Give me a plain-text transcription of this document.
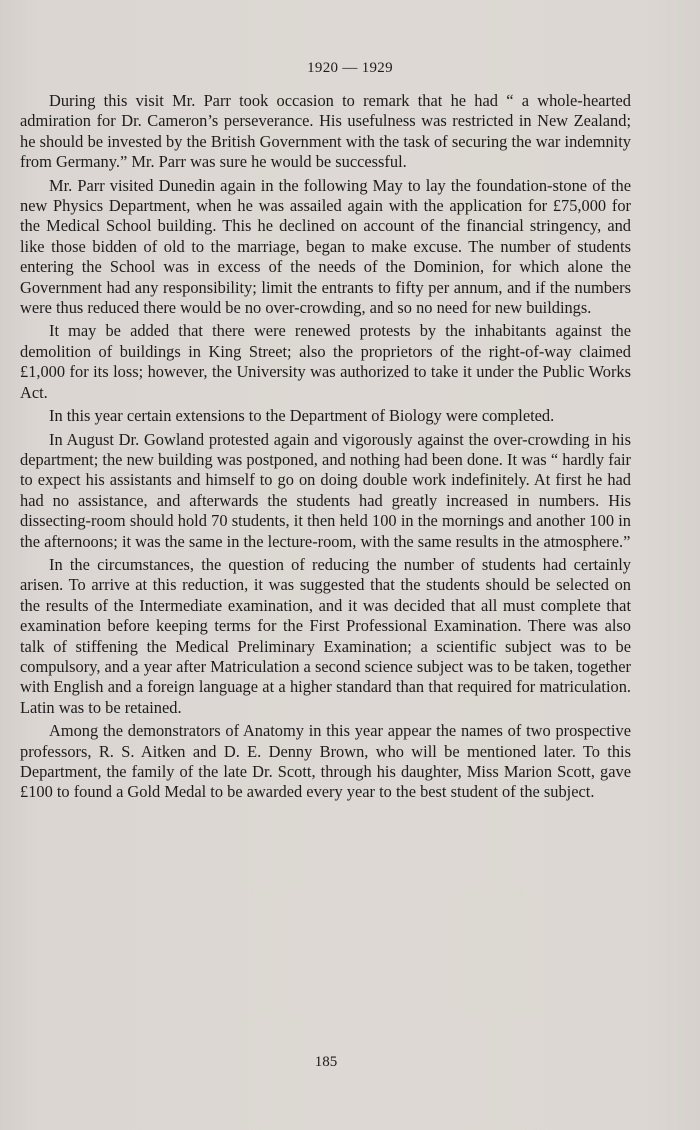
1920 — 1929

During this visit Mr. Parr took occasion to remark that he had “ a whole-hearted admiration for Dr. Cameron’s perseverance. His usefulness was restricted in New Zealand; he should be invested by the British Government with the task of securing the war indemnity from Germany.” Mr. Parr was sure he would be successful.

Mr. Parr visited Dunedin again in the following May to lay the foundation-stone of the new Physics Department, when he was assailed again with the application for £75,000 for the Medical School building. This he declined on account of the financial stringency, and like those bidden of old to the marriage, began to make excuse. The number of students entering the School was in excess of the needs of the Dominion, for which alone the Government had any responsibility; limit the entrants to fifty per annum, and if the numbers were thus reduced there would be no over-crowding, and so no need for new buildings.

It may be added that there were renewed protests by the inhabitants against the demolition of buildings in King Street; also the proprietors of the right-of-way claimed £1,000 for its loss; however, the University was authorized to take it under the Public Works Act.

In this year certain extensions to the Department of Biology were completed.

In August Dr. Gowland protested again and vigorously against the over-crowding in his department; the new building was postponed, and nothing had been done. It was “ hardly fair to expect his assistants and himself to go on doing double work indefinitely. At first he had had no assistance, and afterwards the students had greatly increased in numbers. His dissecting-room should hold 70 students, it then held 100 in the mornings and another 100 in the afternoons; it was the same in the lecture-room, with the same results in the atmosphere.”

In the circumstances, the question of reducing the number of students had certainly arisen. To arrive at this reduction, it was suggested that the students should be selected on the results of the Intermediate examination, and it was decided that all must complete that examination before keeping terms for the First Professional Examination. There was also talk of stiffening the Medical Preliminary Examination; a scientific subject was to be compulsory, and a year after Matriculation a second science subject was to be taken, together with English and a foreign language at a higher standard than that required for matriculation. Latin was to be retained.

Among the demonstrators of Anatomy in this year appear the names of two prospective professors, R. S. Aitken and D. E. Denny Brown, who will be mentioned later. To this Department, the family of the late Dr. Scott, through his daughter, Miss Marion Scott, gave £100 to found a Gold Medal to be awarded every year to the best student of the subject.

185
